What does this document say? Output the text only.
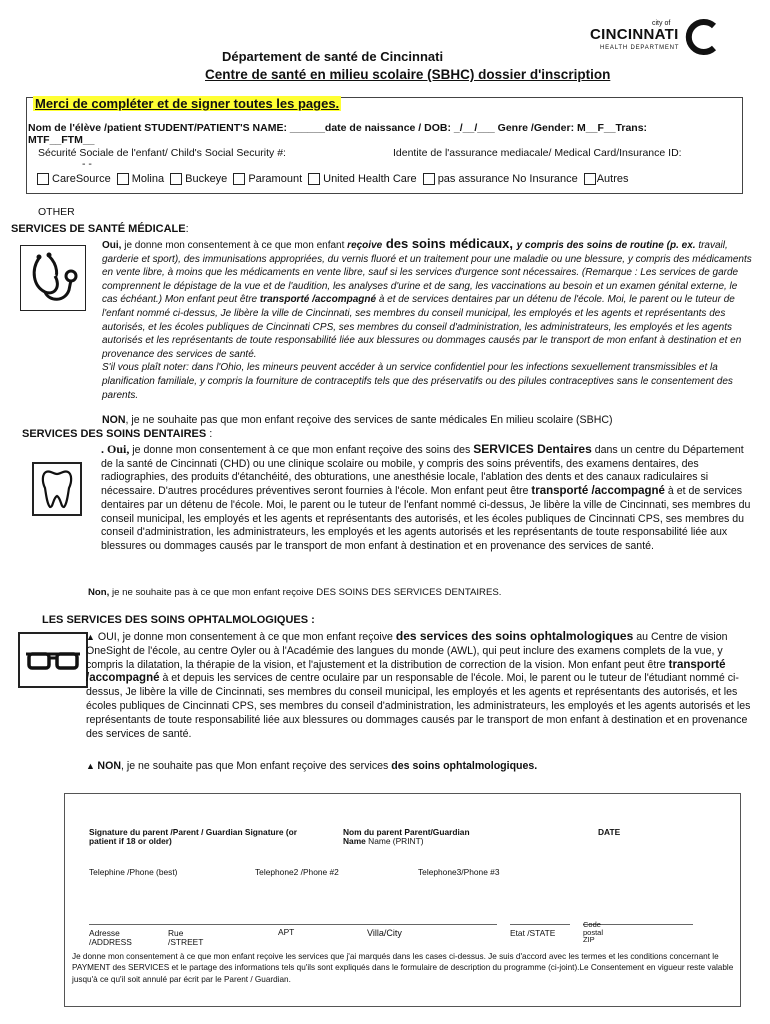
city of
CINCINNATI
HEALTH DEPARTMENT
Département de santé de Cincinnati
Centre de santé en milieu scolaire (SBHC) dossier d'inscription
Merci de compléter et de signer toutes les pages.
Nom de l'élève /patient STUDENT/PATIENT'S NAME: ______date de naissance / DOB: _/__/___ Genre /Gender: M__F__Trans:
MTF__FTM__
Sécurité Sociale de l'enfant/ Child's Social Security #:
- -
Identite de l'assurance mediacale/ Medical Card/Insurance ID:
CareSource	Molina	Buckeye	Paramount	United Health Care	pas assurance No Insurance	Autres
OTHER
SERVICES DE SANTÉ MÉDICALE:
Oui, je donne mon consentement à ce que mon enfant reçoive des soins médicaux, y compris des soins de routine (p. ex. travail, garderie et sport), des immunisations appropriées, du vernis fluoré et un traitement pour une maladie ou une blessure, y compris des médicaments en vente libre, à moins que les médicaments en vente libre, sauf si les services d'urgence sont nécessaires. (Remarque : Les services de garde comprennent le dépistage de la vue et de l'audition, les analyses d'urine et de sang, les vaccinations au besoin et un examen génital externe, le cas échéant.) Mon enfant peut être transporté /accompagné à et de services dentaires par un détenu de l'école. Moi, le parent ou le tuteur de l'enfant nommé ci-dessus, Je libère la ville de Cincinnati, ses membres du conseil municipal, les employés et les agents et représentants des autorisés, et les écoles publiques de Cincinnati CPS, ses membres du conseil d'administration, les administrateurs, les employés et les agents autorisés et les représentants de toute responsabilité liée aux blessures ou dommages causés par le transport de mon enfant à destination et en provenance des services de santé.
S'il vous plaît noter: dans l'Ohio, les mineurs peuvent accéder à un service confidentiel pour les infections sexuellement transmissibles et la planification familiale, y compris la fourniture de contraceptifs tels que des préservatifs ou des pilules contraceptives sans le consentement des parents.
NON, je ne souhaite pas que mon enfant reçoive des services de sante médicales En milieu scolaire (SBHC)
SERVICES DES SOINS DENTAIRES :
. Oui, je donne mon consentement à ce que mon enfant reçoive des soins des SERVICES Dentaires dans un centre du Département de la santé de Cincinnati (CHD) ou une clinique scolaire ou mobile, y compris des soins préventifs, des examens dentaires, des radiographies, des produits d'étanchéité, des obturations, une anesthésie locale, l'ablation des dents et des canaux radiculaires si nécessaire. D'autres procédures préventives seront fournies à l'école. Mon enfant peut être transporté /accompagné à et de services dentaires par un détenu de l'école. Moi, le parent ou le tuteur de l'enfant nommé ci-dessus, Je libère la ville de Cincinnati, ses membres du conseil municipal, les employés et les agents et représentants des autorisés, et les écoles publiques de Cincinnati CPS, ses membres du conseil d'administration, les administrateurs, les employés et les agents autorisés et les représentants de toute responsabilité liée aux blessures ou dommages causés par le transport de mon enfant à destination et en provenance des services de santé.
Non, je ne souhaite pas à ce que mon enfant reçoive DES SOINS DES SERVICES DENTAIRES.
LES SERVICES DES SOINS OPHTALMOLOGIQUES :
▲ OUI, je donne mon consentement à ce que mon enfant reçoive des services des soins ophtalmologiques au Centre de vision OneSight de l'école, au centre Oyler ou à l'Académie des langues du monde (AWL), qui peut inclure des examens complets de la vue, y compris la dilatation, la thérapie de la vision, et l'ajustement et la distribution de correction de la vision. Mon enfant peut être transporté /accompagné à et depuis les services de centre oculaire par un responsable de l'école. Moi, le parent ou le tuteur de l'étudiant nommé ci-dessus, Je libère la ville de Cincinnati, ses membres du conseil municipal, les employés et les agents et représentants des autorisés, et les écoles publiques de Cincinnati CPS, ses membres du conseil d'administration, les administrateurs, les employés et les agents autorisés et les représentants de toute responsabilité liée aux blessures ou dommages causés par le transport de mon enfant à destination et en provenance des services de santé.
▲ NON, je ne souhaite pas que Mon enfant reçoive des services des soins ophtalmologiques.
Signature du parent /Parent / Guardian Signature (or patient if 18 or older)
Nom du parent Parent/Guardian
Name Name (PRINT)
DATE
Telephine /Phone (best)	Telephone2 /Phone #2	Telephone3/Phone #3
Adresse
/ADDRESS
Rue
/STREET
APT	Villa/City	Etat /STATE
Code
postal
ZIP
Je donne mon consentement à ce que mon enfant reçoive les services que j'ai marqués dans les cases ci-dessus. Je suis d'accord avec les termes et les conditions concernant le PAYMENT des SERVICES et le partage des informations tels qu'ils sont expliqués dans le formulaire de description du programme (ci-joint).Le Consentement en vigueur reste valable jusqu'à ce qu'il soit annulé par écrit par le Parent / Guardian.
